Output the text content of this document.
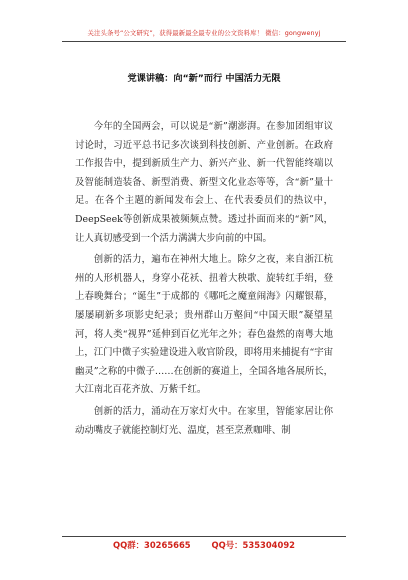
关注头条号“公文研究”，获得最新最全最专业的公文资料库！ 微信：gongwenyj
党课讲稿：向“新”而行 中国活力无限

今年的全国两会，可以说是“新”潮澎湃。在参加团组审议讨论时，习近平总书记多次谈到科技创新、产业创新。在政府工作报告中，提到新质生产力、新兴产业、新一代智能终端以及智能制造装备、新型消费、新型文化业态等等，含“新”量十足。在各个主题的新闻发布会上、在代表委员们的热议中，DeepSeek等创新成果被频频点赞。透过扑面而来的“新”风，让人真切感受到一个活力满满大步向前的中国。

创新的活力，遍布在神州大地上。除夕之夜，来自浙江杭州的人形机器人，身穿小花袄、扭着大秧歌、旋转红手绢，登上春晚舞台；“诞生”于成都的《哪吒之魔童闹海》闪耀银幕，屡屡刷新多项影史纪录；贵州群山万壑间“中国天眼”凝望星河，将人类“视界”延伸到百亿光年之外；春色盎然的南粤大地上，江门中微子实验建设进入收官阶段，即将用来捕捉有“宇宙幽灵”之称的中微子……在创新的赛道上，全国各地各展所长，大江南北百花齐放、万紫千红。

创新的活力，涌动在万家灯火中。在家里，智能家居让你动动嘴皮子就能控制灯光、温度，甚至烹煮咖啡、制

QQ群：30265665 QQ号：535304092
